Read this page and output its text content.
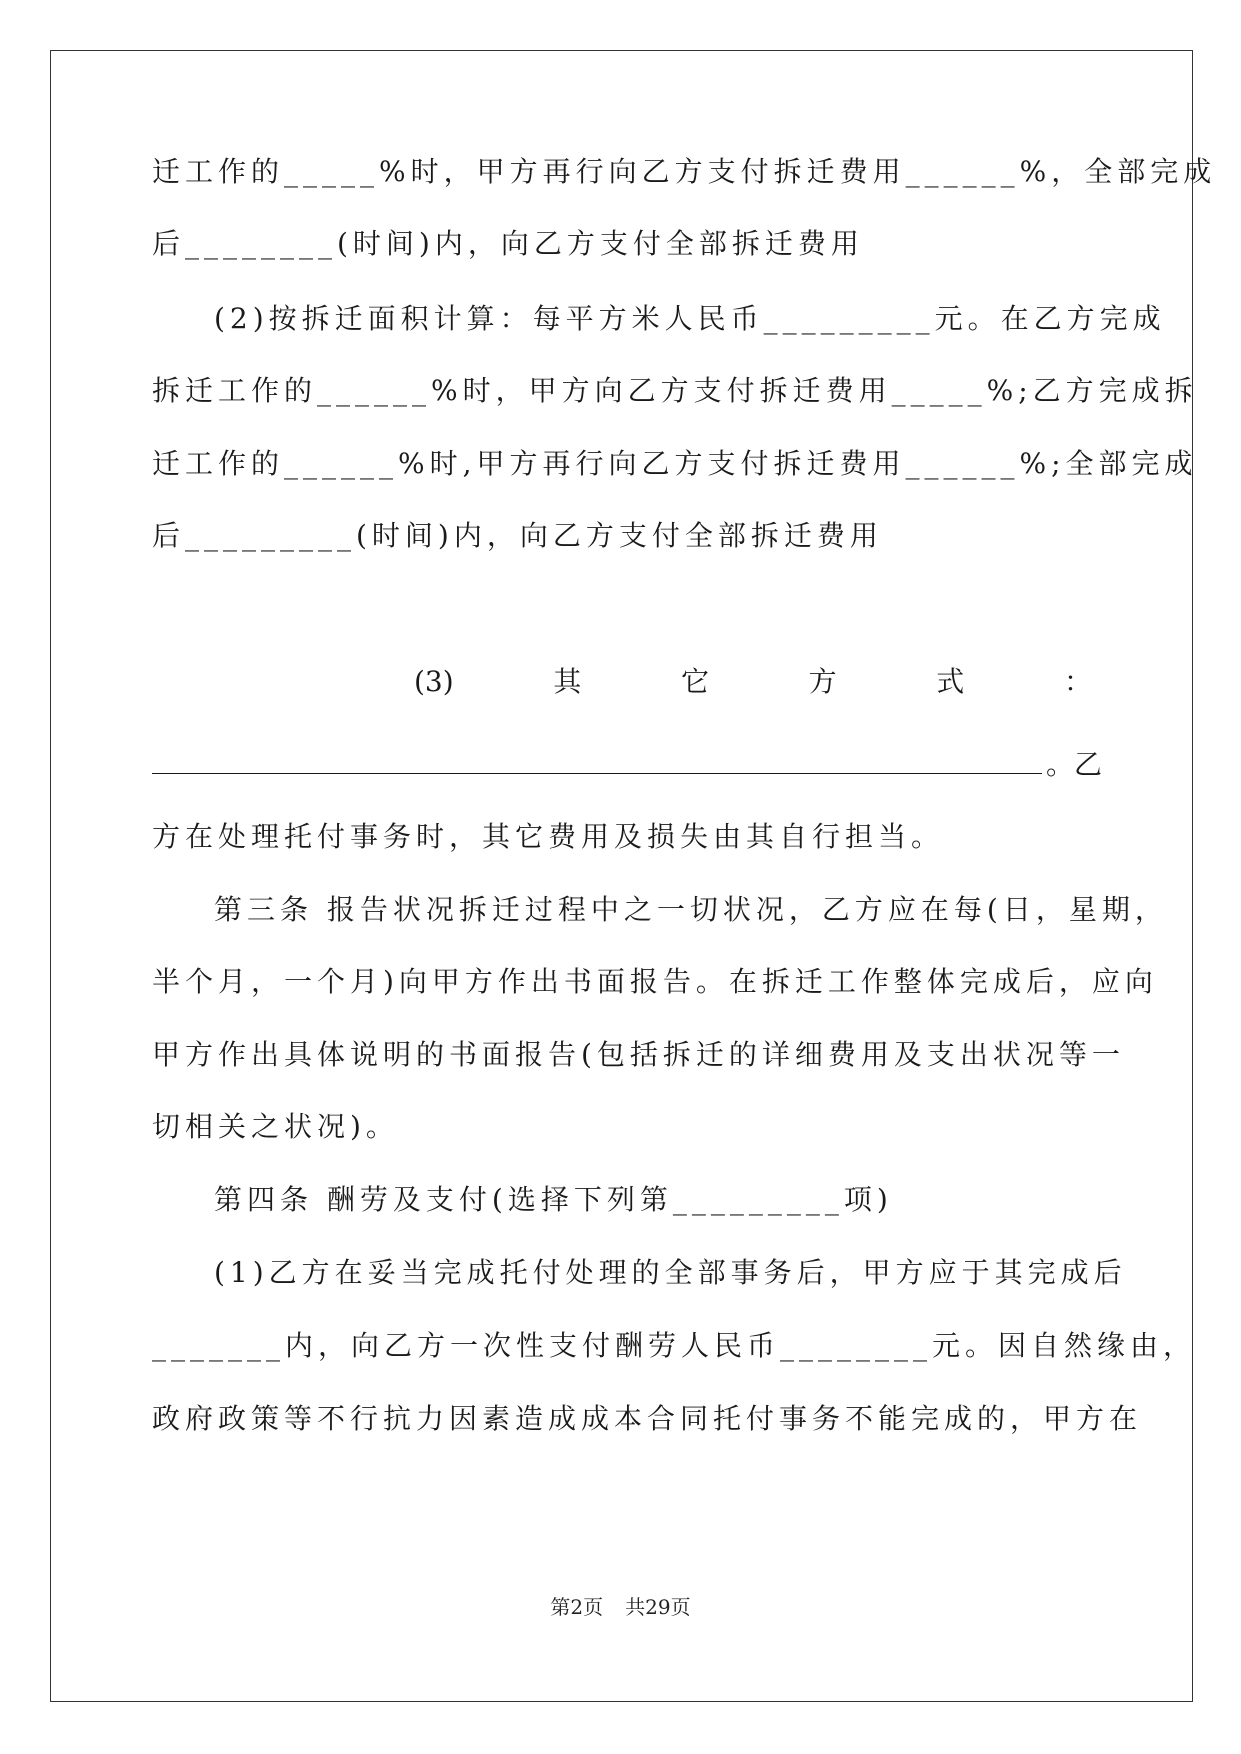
迁工作的_____%时，甲方再行向乙方支付拆迁费用______%，全部完成
后________(时间)内，向乙方支付全部拆迁费用
(2)按拆迁面积计算：每平方米人民币_________元。在乙方完成
拆迁工作的______%时，甲方向乙方支付拆迁费用_____%;乙方完成拆
迁工作的______%时,甲方再行向乙方支付拆迁费用______%;全部完成
后_________(时间)内，向乙方支付全部拆迁费用
(3)	其	它	方	式	：
。乙
方在处理托付事务时，其它费用及损失由其自行担当。
第三条 报告状况拆迁过程中之一切状况，乙方应在每(日，星期，
半个月，一个月)向甲方作出书面报告。在拆迁工作整体完成后，应向
甲方作出具体说明的书面报告(包括拆迁的详细费用及支出状况等一
切相关之状况)。
第四条 酬劳及支付(选择下列第_________项)
(1)乙方在妥当完成托付处理的全部事务后，甲方应于其完成后
_______内，向乙方一次性支付酬劳人民币________元。因自然缘由，
政府政策等不行抗力因素造成成本合同托付事务不能完成的，甲方在
第2页 共29页
